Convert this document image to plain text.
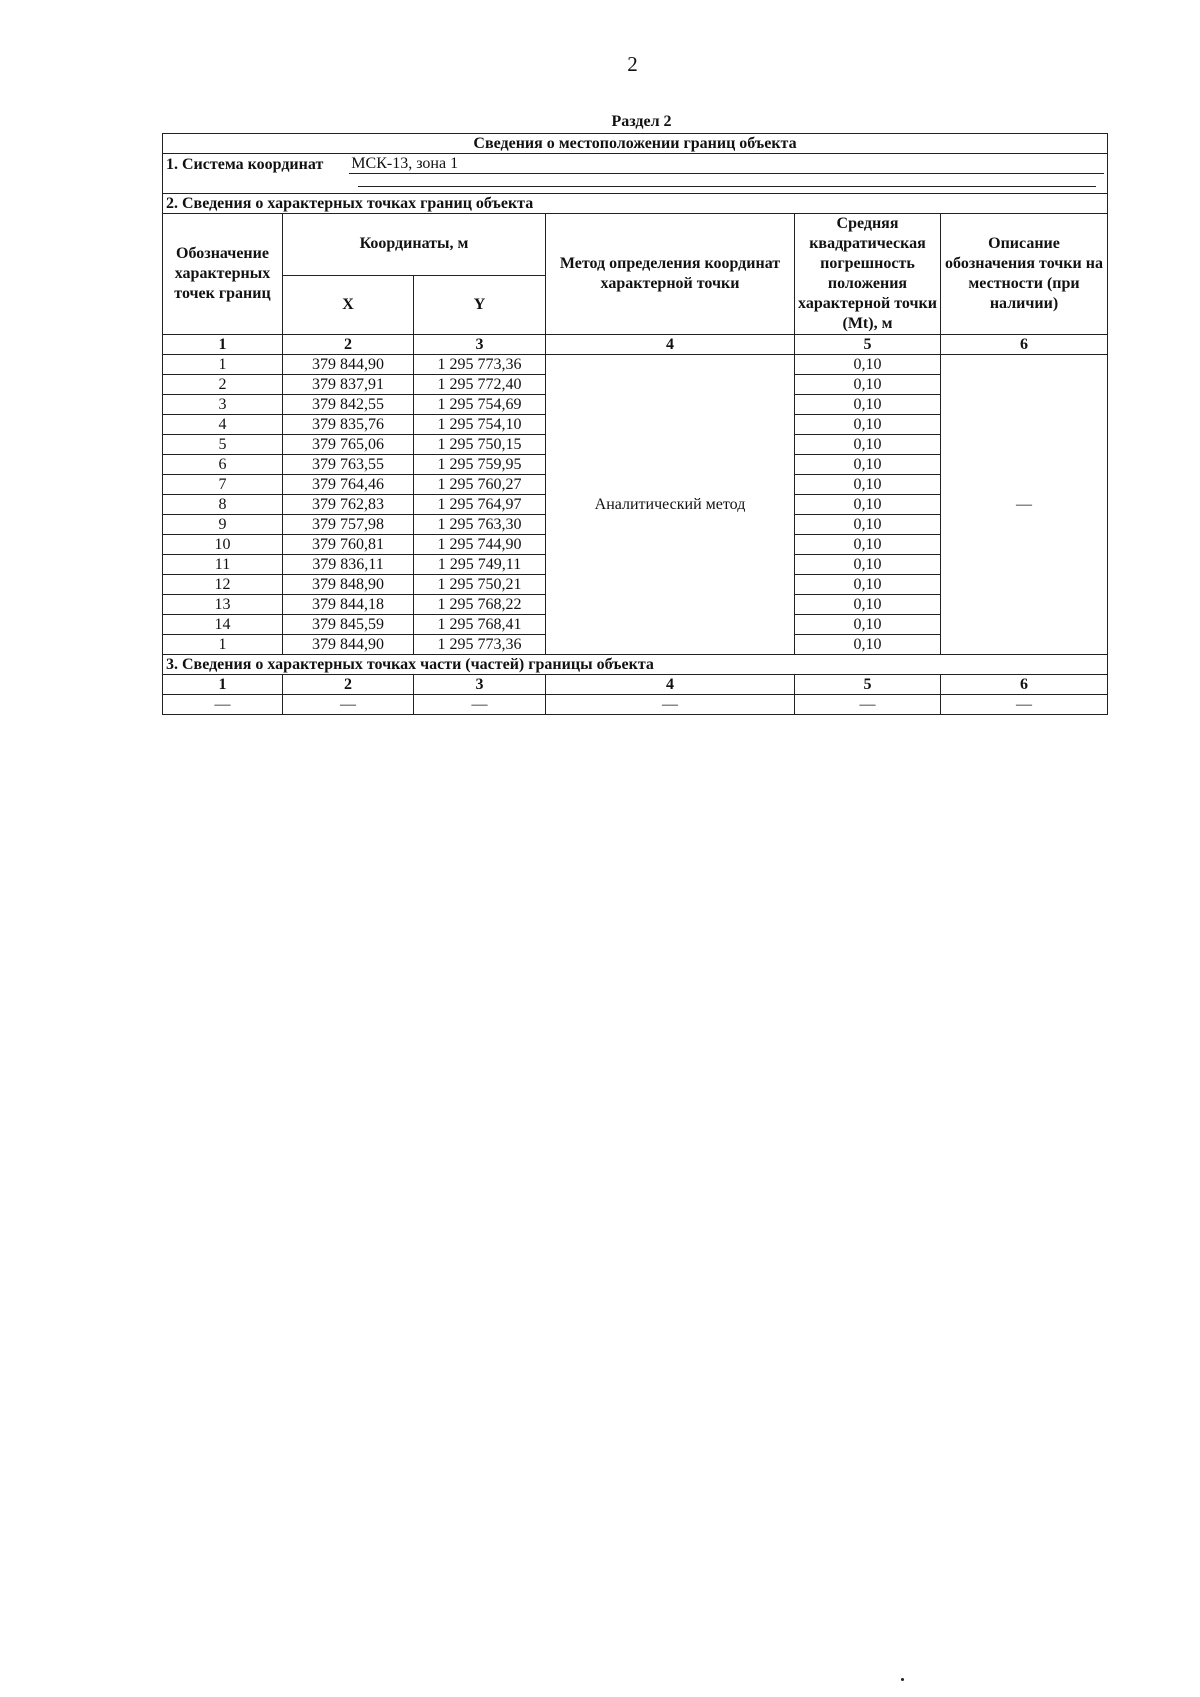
2
Раздел 2
Сведения о местоположении границ объекта					

1. Система координат МСК-13, зона 1					

2. Сведения о характерных точках границ объекта					
Обозначение характерных точек границ	Координаты, м		Метод определения координат характерной точки	Средняя квадратическая погрешность положения характерной точки (Mt), м	Описание обозначения точки на местности (при наличии)
	X	Y			
1	2	3	4	5	6
1	379 844,90	1 295 773,36	Аналитический метод	0,10	—
2	379 837,91	1 295 772,40		0,10	
3	379 842,55	1 295 754,69		0,10	
4	379 835,76	1 295 754,10		0,10	
5	379 765,06	1 295 750,15		0,10	
6	379 763,55	1 295 759,95		0,10	
7	379 764,46	1 295 760,27		0,10	
8	379 762,83	1 295 764,97		0,10	
9	379 757,98	1 295 763,30		0,10	
10	379 760,81	1 295 744,90		0,10	
11	379 836,11	1 295 749,11		0,10	
12	379 848,90	1 295 750,21		0,10	
13	379 844,18	1 295 768,22		0,10	
14	379 845,59	1 295 768,41		0,10	
1	379 844,90	1 295 773,36		0,10	
3. Сведения о характерных точках части (частей) границы объекта					
1	2	3	4	5	6
—	—	—	—	—	—
